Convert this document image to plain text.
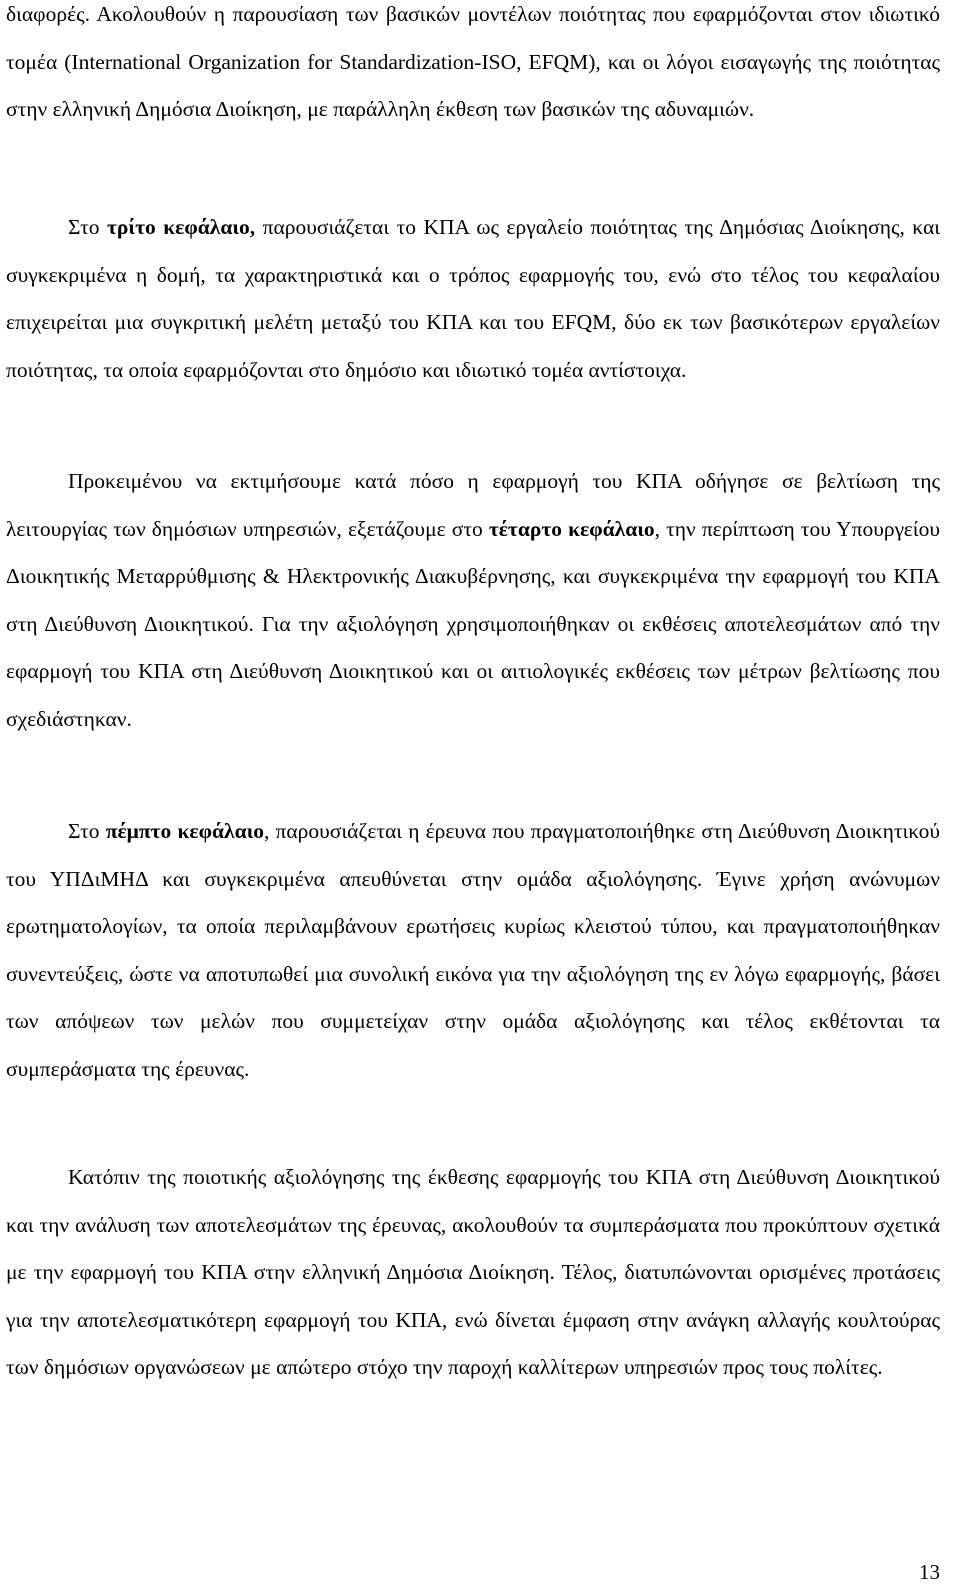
διαφορές. Ακολουθούν η παρουσίαση των βασικών μοντέλων ποιότητας που εφαρμόζονται στον ιδιωτικό τομέα (International Organization for Standardization-ISO, EFQM), και οι λόγοι εισαγωγής της ποιότητας στην ελληνική Δημόσια Διοίκηση, με παράλληλη έκθεση των βασικών της αδυναμιών.

Στο τρίτο κεφάλαιο, παρουσιάζεται το ΚΠΑ ως εργαλείο ποιότητας της Δημόσιας Διοίκησης, και συγκεκριμένα η δομή, τα χαρακτηριστικά και ο τρόπος εφαρμογής του, ενώ στο τέλος του κεφαλαίου επιχειρείται μια συγκριτική μελέτη μεταξύ του ΚΠΑ και του EFQM, δύο εκ των βασικότερων εργαλείων ποιότητας, τα οποία εφαρμόζονται στο δημόσιο και ιδιωτικό τομέα αντίστοιχα.

Προκειμένου να εκτιμήσουμε κατά πόσο η εφαρμογή του ΚΠΑ οδήγησε σε βελτίωση της λειτουργίας των δημόσιων υπηρεσιών, εξετάζουμε στο τέταρτο κεφάλαιο, την περίπτωση του Υπουργείου Διοικητικής Μεταρρύθμισης & Ηλεκτρονικής Διακυβέρνησης, και συγκεκριμένα την εφαρμογή του ΚΠΑ στη Διεύθυνση Διοικητικού. Για την αξιολόγηση χρησιμοποιήθηκαν οι εκθέσεις αποτελεσμάτων από την εφαρμογή του ΚΠΑ στη Διεύθυνση Διοικητικού και οι αιτιολογικές εκθέσεις των μέτρων βελτίωσης που σχεδιάστηκαν.

Στο πέμπτο κεφάλαιο, παρουσιάζεται η έρευνα που πραγματοποιήθηκε στη Διεύθυνση Διοικητικού του ΥΠΔιΜΗΔ και συγκεκριμένα απευθύνεται στην ομάδα αξιολόγησης. Έγινε χρήση ανώνυμων ερωτηματολογίων, τα οποία περιλαμβάνουν ερωτήσεις κυρίως κλειστού τύπου, και πραγματοποιήθηκαν συνεντεύξεις, ώστε να αποτυπωθεί μια συνολική εικόνα για την αξιολόγηση της εν λόγω εφαρμογής, βάσει των απόψεων των μελών που συμμετείχαν στην ομάδα αξιολόγησης και τέλος εκθέτονται τα συμπεράσματα της έρευνας.

Κατόπιν της ποιοτικής αξιολόγησης της έκθεσης εφαρμογής του ΚΠΑ στη Διεύθυνση Διοικητικού και την ανάλυση των αποτελεσμάτων της έρευνας, ακολουθούν τα συμπεράσματα που προκύπτουν σχετικά με την εφαρμογή του ΚΠΑ στην ελληνική Δημόσια Διοίκηση. Τέλος, διατυπώνονται ορισμένες προτάσεις για την αποτελεσματικότερη εφαρμογή του ΚΠΑ, ενώ δίνεται έμφαση στην ανάγκη αλλαγής κουλτούρας των δημόσιων οργανώσεων με απώτερο στόχο την παροχή καλλίτερων υπηρεσιών προς τους πολίτες.

13
